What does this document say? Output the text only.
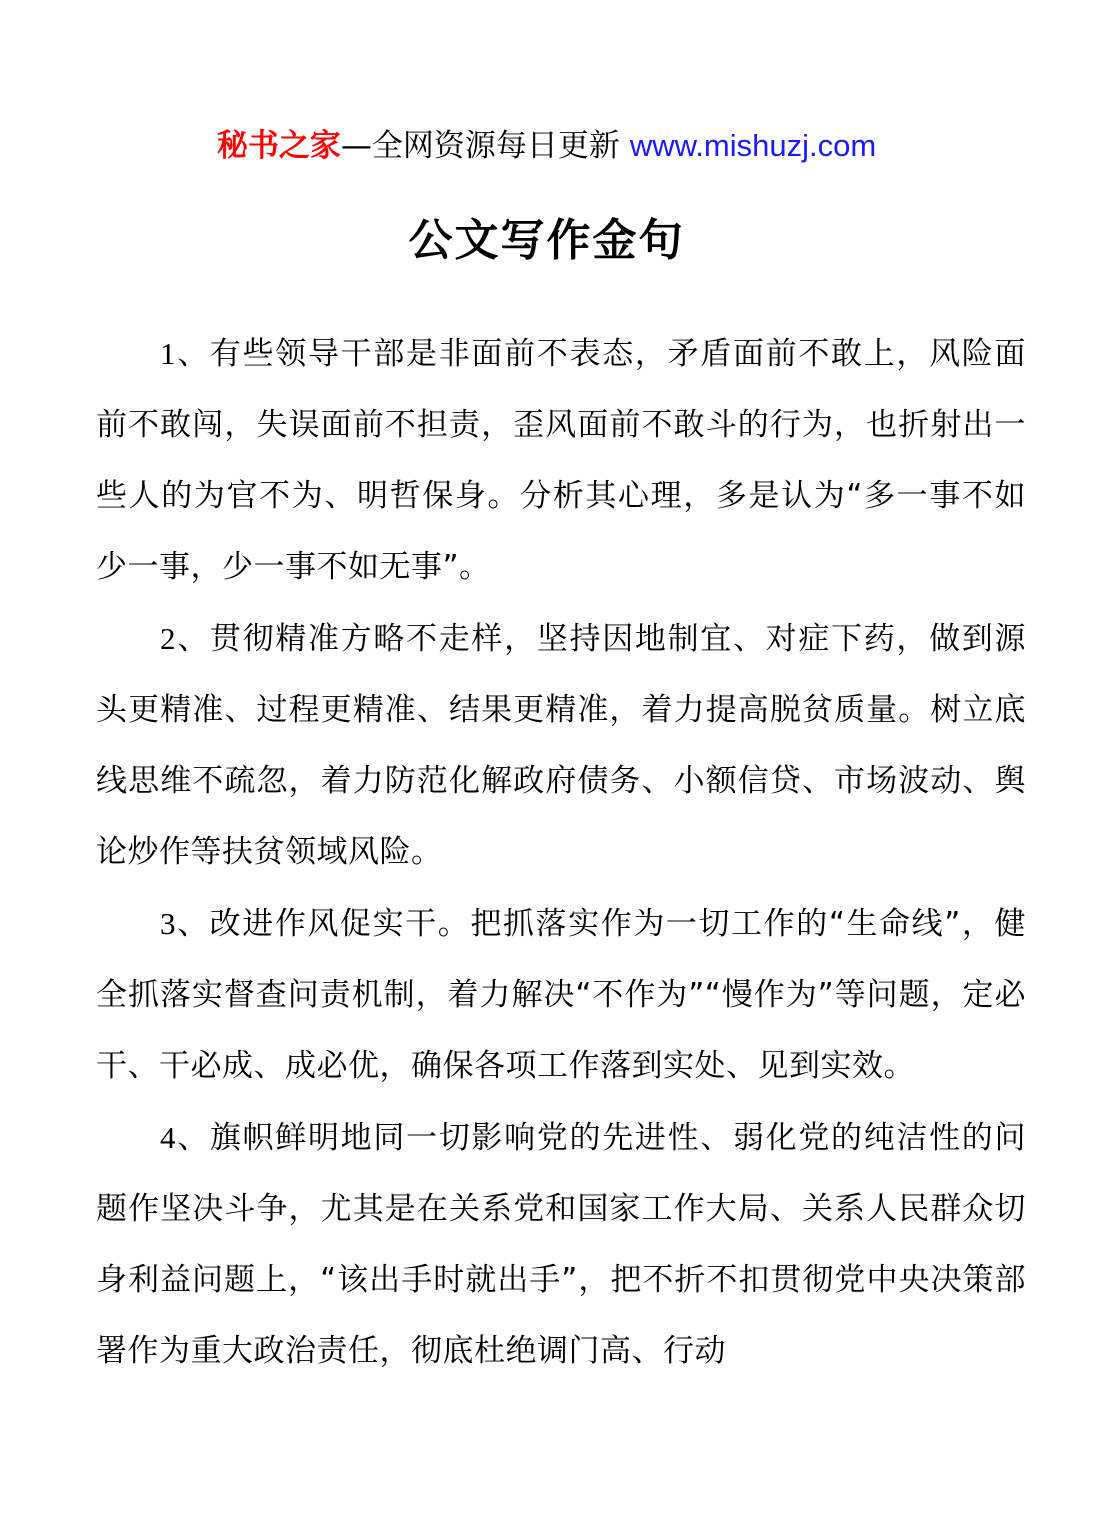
秘书之家—全网资源每日更新 www.mishuzj.com
公文写作金句

1、有些领导干部是非面前不表态，矛盾面前不敢上，风险面前不敢闯，失误面前不担责，歪风面前不敢斗的行为，也折射出一些人的为官不为、明哲保身。分析其心理，多是认为“多一事不如少一事，少一事不如无事”。

2、贯彻精准方略不走样，坚持因地制宜、对症下药，做到源头更精准、过程更精准、结果更精准，着力提高脱贫质量。树立底线思维不疏忽，着力防范化解政府债务、小额信贷、市场波动、舆论炒作等扶贫领域风险。

3、改进作风促实干。把抓落实作为一切工作的“生命线”，健全抓落实督查问责机制，着力解决“不作为”“慢作为”等问题，定必干、干必成、成必优，确保各项工作落到实处、见到实效。

4、旗帜鲜明地同一切影响党的先进性、弱化党的纯洁性的问题作坚决斗争，尤其是在关系党和国家工作大局、关系人民群众切身利益问题上，“该出手时就出手”，把不折不扣贯彻党中央决策部署作为重大政治责任，彻底杜绝调门高、行动
